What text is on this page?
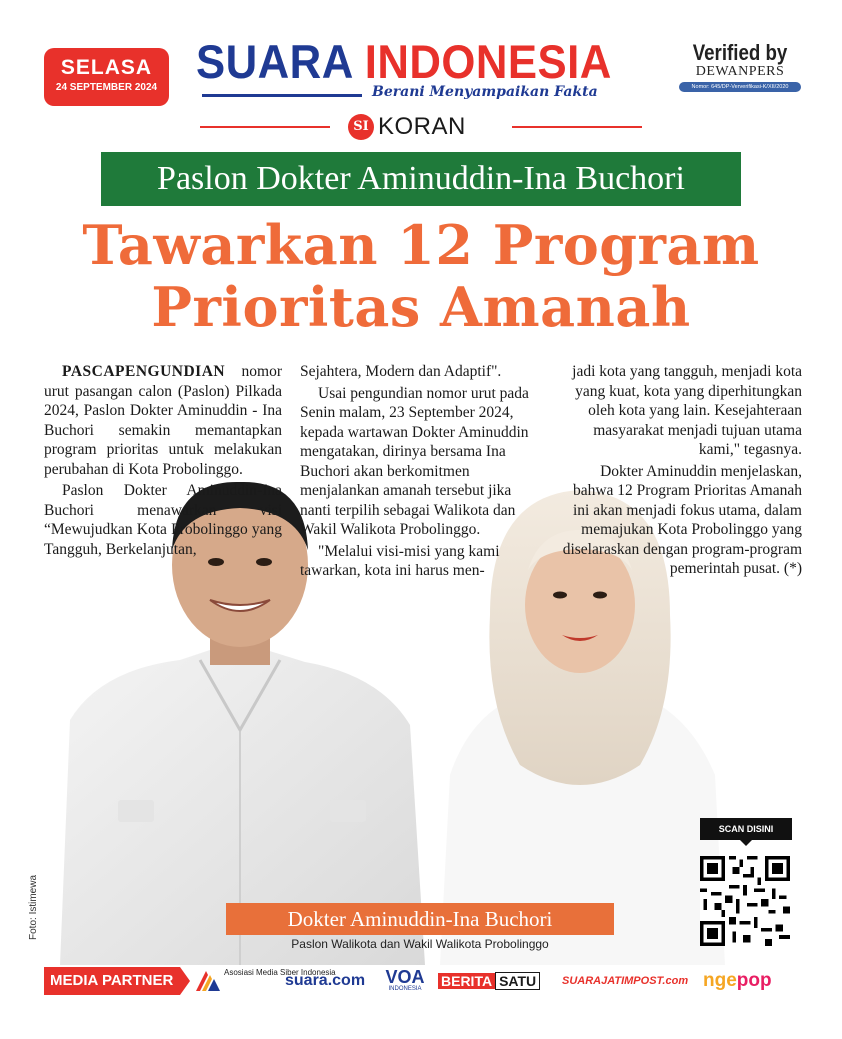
SELASA
24 SEPTEMBER 2024 SUARA INDONESIA
Berani Menyampaikan Fakta
Verified by
DEWANPERS
Nomor: 645/DP-Ververifikasi-K/XII/2020
SI KORAN
Paslon Dokter Aminuddin-Ina Buchori
Tawarkan 12 Program
Prioritas Amanah

PASCAPENGUNDIAN nomor urut pasangan calon (Paslon) Pilkada 2024, Paslon Dokter Aminuddin - Ina Buchori semakin memantapkan program prioritas untuk melakukan perubahan di Kota Probolinggo.

Paslon Dokter Aminuddin-Ina Buchori menawarkan visi “Mewujudkan Kota Probolinggo yang Tangguh, Berkelanjutan,

Sejahtera, Modern dan Adaptif".

Usai pengundian nomor urut pada Senin malam, 23 September 2024, kepada wartawan Dokter Aminuddin mengatakan, dirinya bersama Ina Buchori akan berkomitmen menjalankan amanah tersebut jika nanti terpilih sebagai Walikota dan Wakil Walikota Probolinggo.

"Melalui visi-misi yang kami tawarkan, kota ini harus men-

jadi kota yang tangguh, menjadi kota yang kuat, kota yang diperhitungkan oleh kota yang lain. Kesejahteraan masyarakat menjadi tujuan utama kami," tegasnya.

Dokter Aminuddin menjelaskan, bahwa 12 Program Prioritas Amanah ini akan menjadi fokus utama, dalam memajukan Kota Probolinggo yang diselaraskan dengan program-program pemerintah pusat. (*)

SCAN DISINI
Dokter Aminuddin-Ina Buchori
Paslon Walikota dan Wakil Walikota Probolinggo
Foto: Istimewa
MEDIA PARTNER	Asosiasi Media Siber Indonesia
suara.com VOA
INDONESIA	BERITA SATU	SUARAJATIMPOST.com ngepop
